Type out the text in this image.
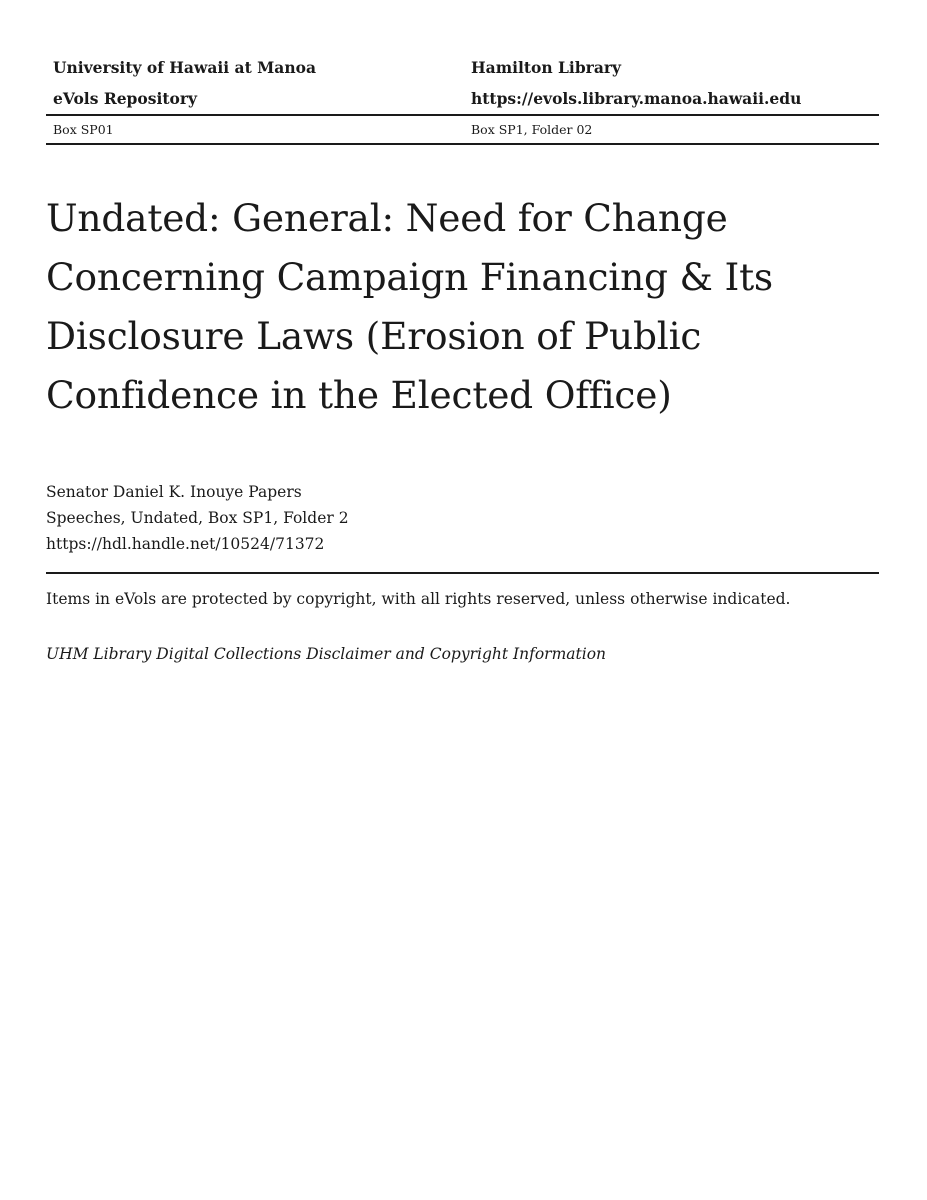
University of Hawaii at Manoa	Hamilton Library
eVols Repository	https://evols.library.manoa.hawaii.edu
Box SP01	Box SP1, Folder 02
Undated: General: Need for Change
Concerning Campaign Financing & Its
Disclosure Laws (Erosion of Public
Confidence in the Elected Office)
Senator Daniel K. Inouye Papers
Speeches, Undated, Box SP1, Folder 2
https://hdl.handle.net/10524/71372
Items in eVols are protected by copyright, with all rights reserved, unless otherwise indicated.
UHM Library Digital Collections Disclaimer and Copyright Information
